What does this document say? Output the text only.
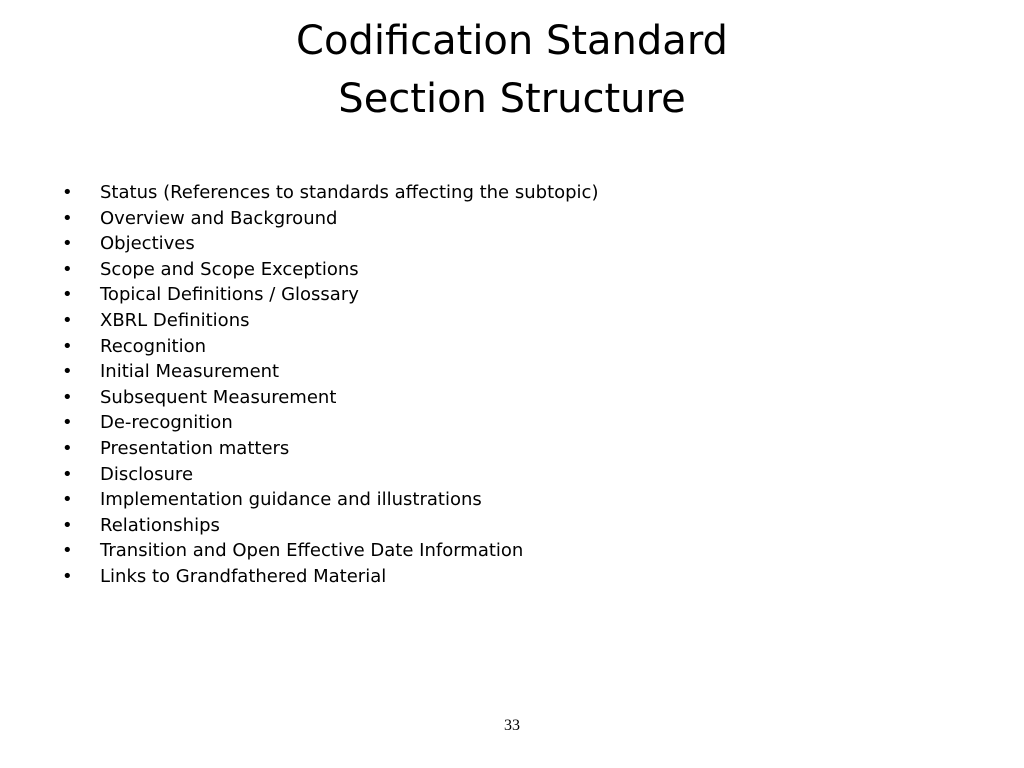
Codification Standard
Section Structure
• Status (References to standards affecting the subtopic)
• Overview and Background
• Objectives
• Scope and Scope Exceptions
• Topical Definitions / Glossary
• XBRL Definitions
• Recognition
• Initial Measurement
• Subsequent Measurement
• De-recognition
• Presentation matters
• Disclosure
• Implementation guidance and illustrations
• Relationships
• Transition and Open Effective Date Information
• Links to Grandfathered Material
33
